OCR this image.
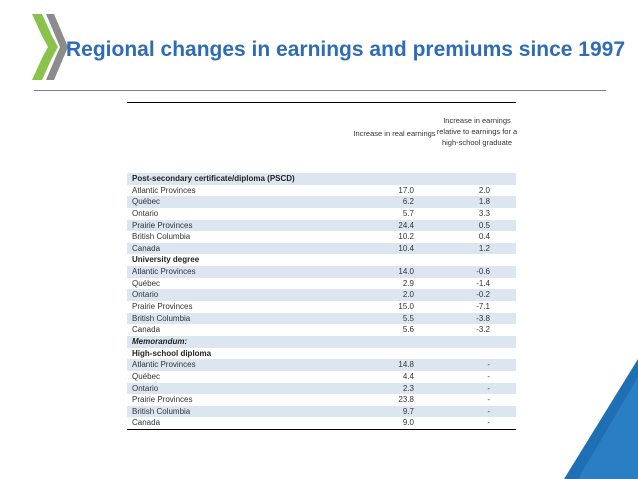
Regional changes in earnings and premiums since 1997
Increase in real earnings
Increase in earnings relative to earnings for a high-school graduate
Post-secondary certificate/diploma (PSCD)
Atlantic Provinces	17.0	2.0
Québec	6.2	1.8
Ontario	5.7	3.3
Prairie Provinces	24.4	0.5
British Columbia	10.2	0.4
Canada	10.4	1.2
University degree
Atlantic Provinces	14.0	-0.6
Québec	2.9	-1.4
Ontario	2.0	-0.2
Prairie Provinces	15.0	-7.1
British Columbia	5.5	-3.8
Canada	5.6	-3.2
Memorandum:
High-school diploma
Atlantic Provinces	14.8	-
Québec	4.4	-
Ontario	2.3	-
Prairie Provinces	23.8	-
British Columbia	9.7	-
Canada	9.0	-
